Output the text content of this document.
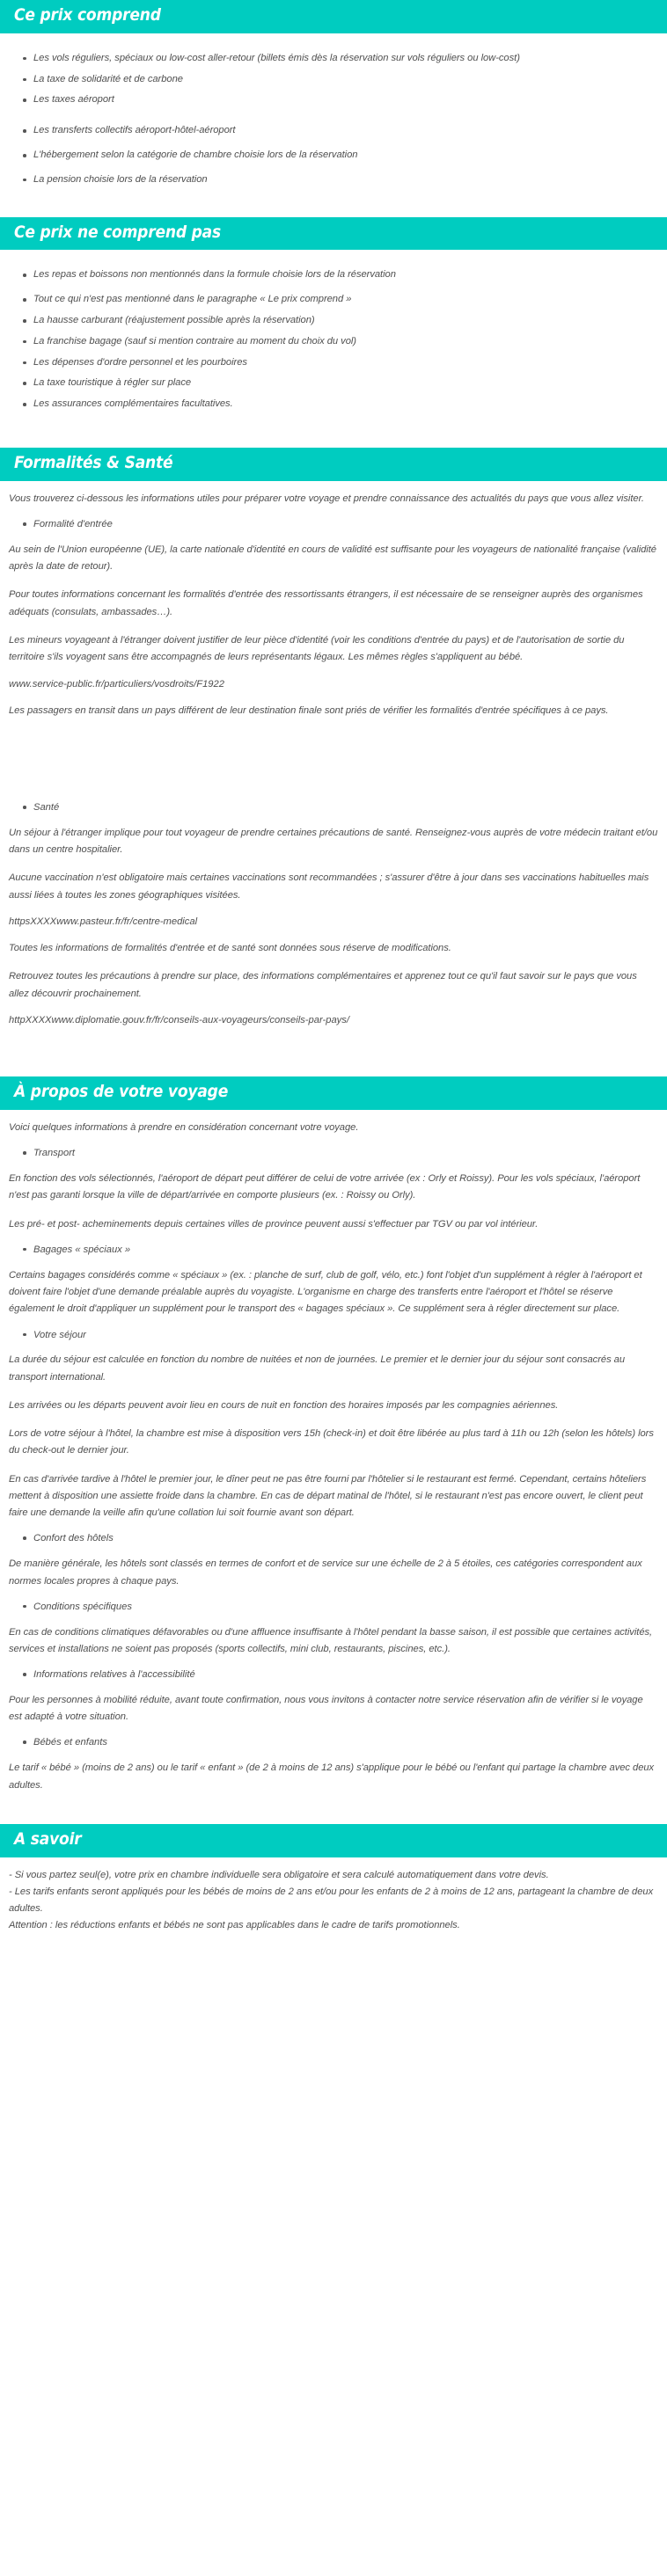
Ce prix comprend
Les vols réguliers, spéciaux ou low-cost aller-retour (billets émis dès la réservation sur vols réguliers ou low-cost)
La taxe de solidarité et de carbone
Les taxes aéroport
Les transferts collectifs aéroport-hôtel-aéroport
L'hébergement selon la catégorie de chambre choisie lors de la réservation
La pension choisie lors de la réservation
Ce prix ne comprend pas
Les repas et boissons non mentionnés dans la formule choisie lors de la réservation
Tout ce qui n'est pas mentionné dans le paragraphe « Le prix comprend »
La hausse carburant (réajustement possible après la réservation)
La franchise bagage (sauf si mention contraire au moment du choix du vol)
Les dépenses d'ordre personnel et les pourboires
La taxe touristique à régler sur place
Les assurances complémentaires facultatives.
Formalités & Santé

Vous trouverez ci-dessous les informations utiles pour préparer votre voyage et prendre connaissance des actualités du pays que vous allez visiter.

Formalité d'entrée

Au sein de l'Union européenne (UE), la carte nationale d'identité en cours de validité est suffisante pour les voyageurs de nationalité française (validité après la date de retour).

Pour toutes informations concernant les formalités d'entrée des ressortissants étrangers, il est nécessaire de se renseigner auprès des organismes adéquats (consulats, ambassades…).

Les mineurs voyageant à l'étranger doivent justifier de leur pièce d'identité (voir les conditions d'entrée du pays) et de l'autorisation de sortie du territoire s'ils voyagent sans être accompagnés de leurs représentants légaux. Les mêmes règles s'appliquent au bébé.

www.service-public.fr/particuliers/vosdroits/F1922

Les passagers en transit dans un pays différent de leur destination finale sont priés de vérifier les formalités d'entrée spécifiques à ce pays.

Santé

Un séjour à l'étranger implique pour tout voyageur de prendre certaines précautions de santé. Renseignez-vous auprès de votre médecin traitant et/ou dans un centre hospitalier.

Aucune vaccination n'est obligatoire mais certaines vaccinations sont recommandées ; s'assurer d'être à jour dans ses vaccinations habituelles mais aussi liées à toutes les zones géographiques visitées.

httpsXXXXwww.pasteur.fr/fr/centre-medical

Toutes les informations de formalités d'entrée et de santé sont données sous réserve de modifications.

Retrouvez toutes les précautions à prendre sur place, des informations complémentaires et apprenez tout ce qu'il faut savoir sur le pays que vous allez découvrir prochainement.

httpXXXXwww.diplomatie.gouv.fr/fr/conseils-aux-voyageurs/conseils-par-pays/
À propos de votre voyage

Voici quelques informations à prendre en considération concernant votre voyage.

Transport

En fonction des vols sélectionnés, l'aéroport de départ peut différer de celui de votre arrivée (ex : Orly et Roissy). Pour les vols spéciaux, l'aéroport n'est pas garanti lorsque la ville de départ/arrivée en comporte plusieurs (ex. : Roissy ou Orly).

Les pré- et post- acheminements depuis certaines villes de province peuvent aussi s'effectuer par TGV ou par vol intérieur.

Bagages « spéciaux »

Certains bagages considérés comme « spéciaux » (ex. : planche de surf, club de golf, vélo, etc.) font l'objet d'un supplément à régler à l'aéroport et doivent faire l'objet d'une demande préalable auprès du voyagiste. L'organisme en charge des transferts entre l'aéroport et l'hôtel se réserve également le droit d'appliquer un supplément pour le transport des « bagages spéciaux ». Ce supplément sera à régler directement sur place.

Votre séjour

La durée du séjour est calculée en fonction du nombre de nuitées et non de journées. Le premier et le dernier jour du séjour sont consacrés au transport international.

Les arrivées ou les départs peuvent avoir lieu en cours de nuit en fonction des horaires imposés par les compagnies aériennes.

Lors de votre séjour à l'hôtel, la chambre est mise à disposition vers 15h (check-in) et doit être libérée au plus tard à 11h ou 12h (selon les hôtels) lors du check-out le dernier jour.

En cas d'arrivée tardive à l'hôtel le premier jour, le dîner peut ne pas être fourni par l'hôtelier si le restaurant est fermé. Cependant, certains hôteliers mettent à disposition une assiette froide dans la chambre. En cas de départ matinal de l'hôtel, si le restaurant n'est pas encore ouvert, le client peut faire une demande la veille afin qu'une collation lui soit fournie avant son départ.

Confort des hôtels

De manière générale, les hôtels sont classés en termes de confort et de service sur une échelle de 2 à 5 étoiles, ces catégories correspondent aux normes locales propres à chaque pays.

Conditions spécifiques

En cas de conditions climatiques défavorables ou d'une affluence insuffisante à l'hôtel pendant la basse saison, il est possible que certaines activités, services et installations ne soient pas proposés (sports collectifs, mini club, restaurants, piscines, etc.).

Informations relatives à l'accessibilité

Pour les personnes à mobilité réduite, avant toute confirmation, nous vous invitons à contacter notre service réservation afin de vérifier si le voyage est adapté à votre situation.

Bébés et enfants

Le tarif « bébé » (moins de 2 ans) ou le tarif « enfant » (de 2 à moins de 12 ans) s'applique pour le bébé ou l'enfant qui partage la chambre avec deux adultes.

A savoir

- Si vous partez seul(e), votre prix en chambre individuelle sera obligatoire et sera calculé automatiquement dans votre devis.

- Les tarifs enfants seront appliqués pour les bébés de moins de 2 ans et/ou pour les enfants de 2 à moins de 12 ans, partageant la chambre de deux adultes.

Attention : les réductions enfants et bébés ne sont pas applicables dans le cadre de tarifs promotionnels.
